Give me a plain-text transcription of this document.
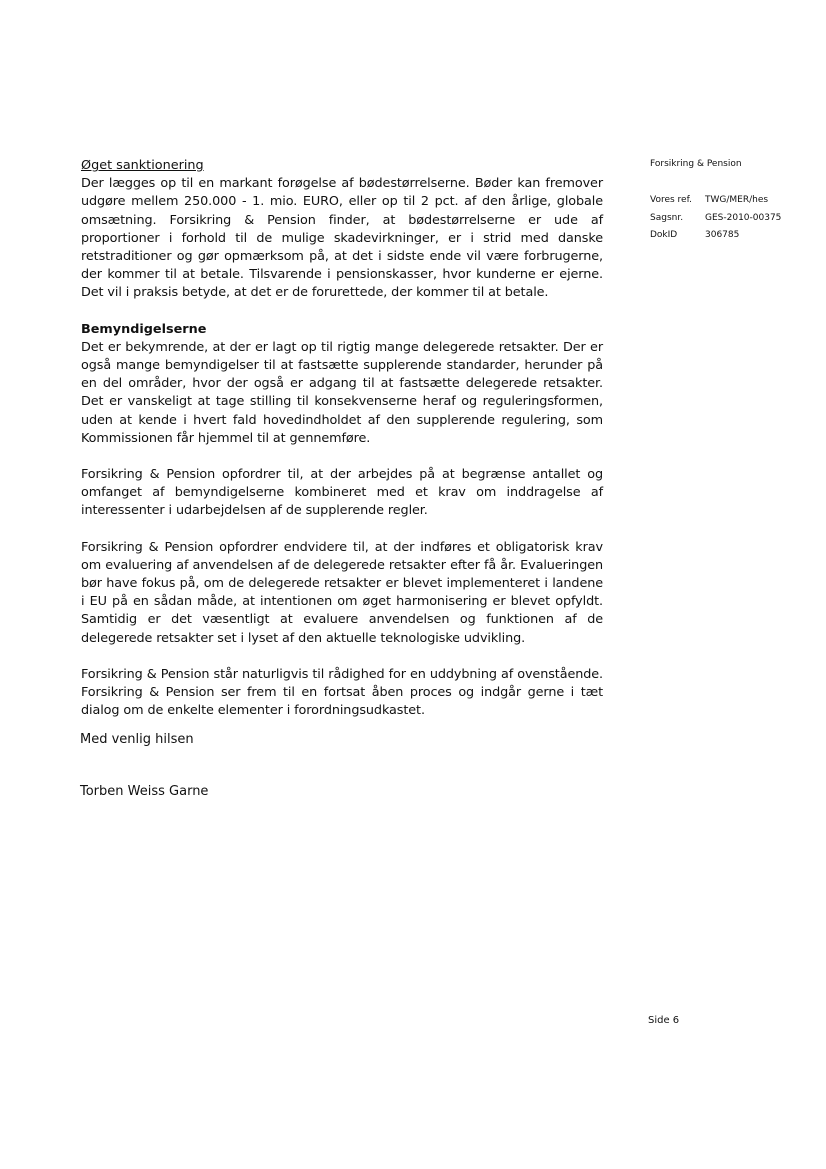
Øget sanktionering

Der lægges op til en markant forøgelse af bødestørrelserne. Bøder kan fremover udgøre mellem 250.000 - 1. mio. EURO, eller op til 2 pct. af den årlige, globale omsætning. Forsikring & Pension finder, at bødestørrelserne er ude af proportioner i forhold til de mulige skadevirkninger, er i strid med danske retstraditioner og gør opmærksom på, at det i sidste ende vil være forbrugerne, der kommer til at betale. Tilsvarende i pensionskasser, hvor kunderne er ejerne. Det vil i praksis betyde, at det er de forurettede, der kommer til at betale.

Bemyndigelserne

Det er bekymrende, at der er lagt op til rigtig mange delegerede retsakter. Der er også mange bemyndigelser til at fastsætte supplerende standarder, herunder på en del områder, hvor der også er adgang til at fastsætte delegerede retsakter. Det er vanskeligt at tage stilling til konsekvenserne heraf og reguleringsformen, uden at kende i hvert fald hovedindholdet af den supplerende regulering, som Kommissionen får hjemmel til at gennemføre.

Forsikring & Pension opfordrer til, at der arbejdes på at begrænse antallet og omfanget af bemyndigelserne kombineret med et krav om inddragelse af interessenter i udarbejdelsen af de supplerende regler.

Forsikring & Pension opfordrer endvidere til, at der indføres et obligatorisk krav om evaluering af anvendelsen af de delegerede retsakter efter få år. Evalueringen bør have fokus på, om de delegerede retsakter er blevet implementeret i landene i EU på en sådan måde, at intentionen om øget harmonisering er blevet opfyldt. Samtidig er det væsentligt at evaluere anvendelsen og funktionen af de delegerede retsakter set i lyset af den aktuelle teknologiske udvikling.

Forsikring & Pension står naturligvis til rådighed for en uddybning af ovenstående. Forsikring & Pension ser frem til en fortsat åben proces og indgår gerne i tæt dialog om de enkelte elementer i forordningsudkastet.

Med venlig hilsen
Torben Weiss Garne
Forsikring & Pension
Vores ref.	TWG/MER/hes
Sagsnr.	GES-2010-00375
DokID	306785
Side 6
